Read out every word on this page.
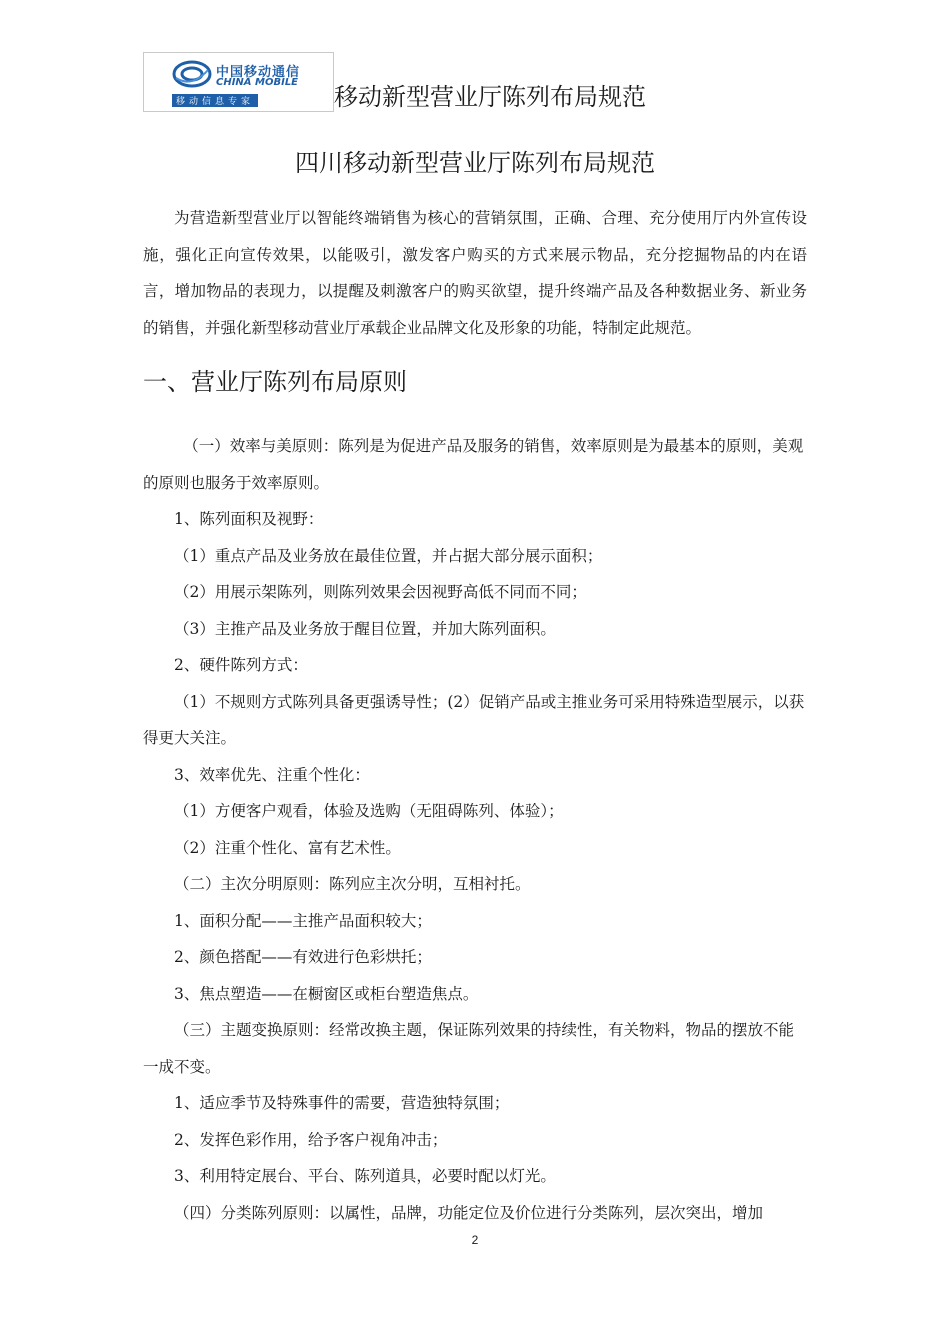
中国移动通信
CHINA MOBILE
移动信息专家	移动新型营业厅陈列布局规范
四川移动新型营业厅陈列布局规范

为营造新型营业厅以智能终端销售为核心的营销氛围，正确、合理、充分使用厅内外宣传设施，强化正向宣传效果，以能吸引，激发客户购买的方式来展示物品，充分挖掘物品的内在语言，增加物品的表现力，以提醒及刺激客户的购买欲望，提升终端产品及各种数据业务、新业务的销售，并强化新型移动营业厅承载企业品牌文化及形象的功能，特制定此规范。

一、营业厅陈列布局原则

（一）效率与美原则：陈列是为促进产品及服务的销售，效率原则是为最基本的原则，美观的原则也服务于效率原则。

1、陈列面积及视野：

（1）重点产品及业务放在最佳位置，并占据大部分展示面积；

（2）用展示架陈列，则陈列效果会因视野高低不同而不同；

（3）主推产品及业务放于醒目位置，并加大陈列面积。

2、硬件陈列方式：

（1）不规则方式陈列具备更强诱导性；(2）促销产品或主推业务可采用特殊造型展示，以获得更大关注。

3、效率优先、注重个性化：

（1）方便客户观看，体验及选购（无阻碍陈列、体验）；

（2）注重个性化、富有艺术性。

（二）主次分明原则：陈列应主次分明，互相衬托。

1、面积分配——主推产品面积较大；

2、颜色搭配——有效进行色彩烘托；

3、焦点塑造——在橱窗区或柜台塑造焦点。

（三）主题变换原则：经常改换主题，保证陈列效果的持续性，有关物料，物品的摆放不能一成不变。

1、适应季节及特殊事件的需要，营造独特氛围；

2、发挥色彩作用，给予客户视角冲击；

3、利用特定展台、平台、陈列道具，必要时配以灯光。

（四）分类陈列原则：以属性，品牌，功能定位及价位进行分类陈列，层次突出，增加

2
